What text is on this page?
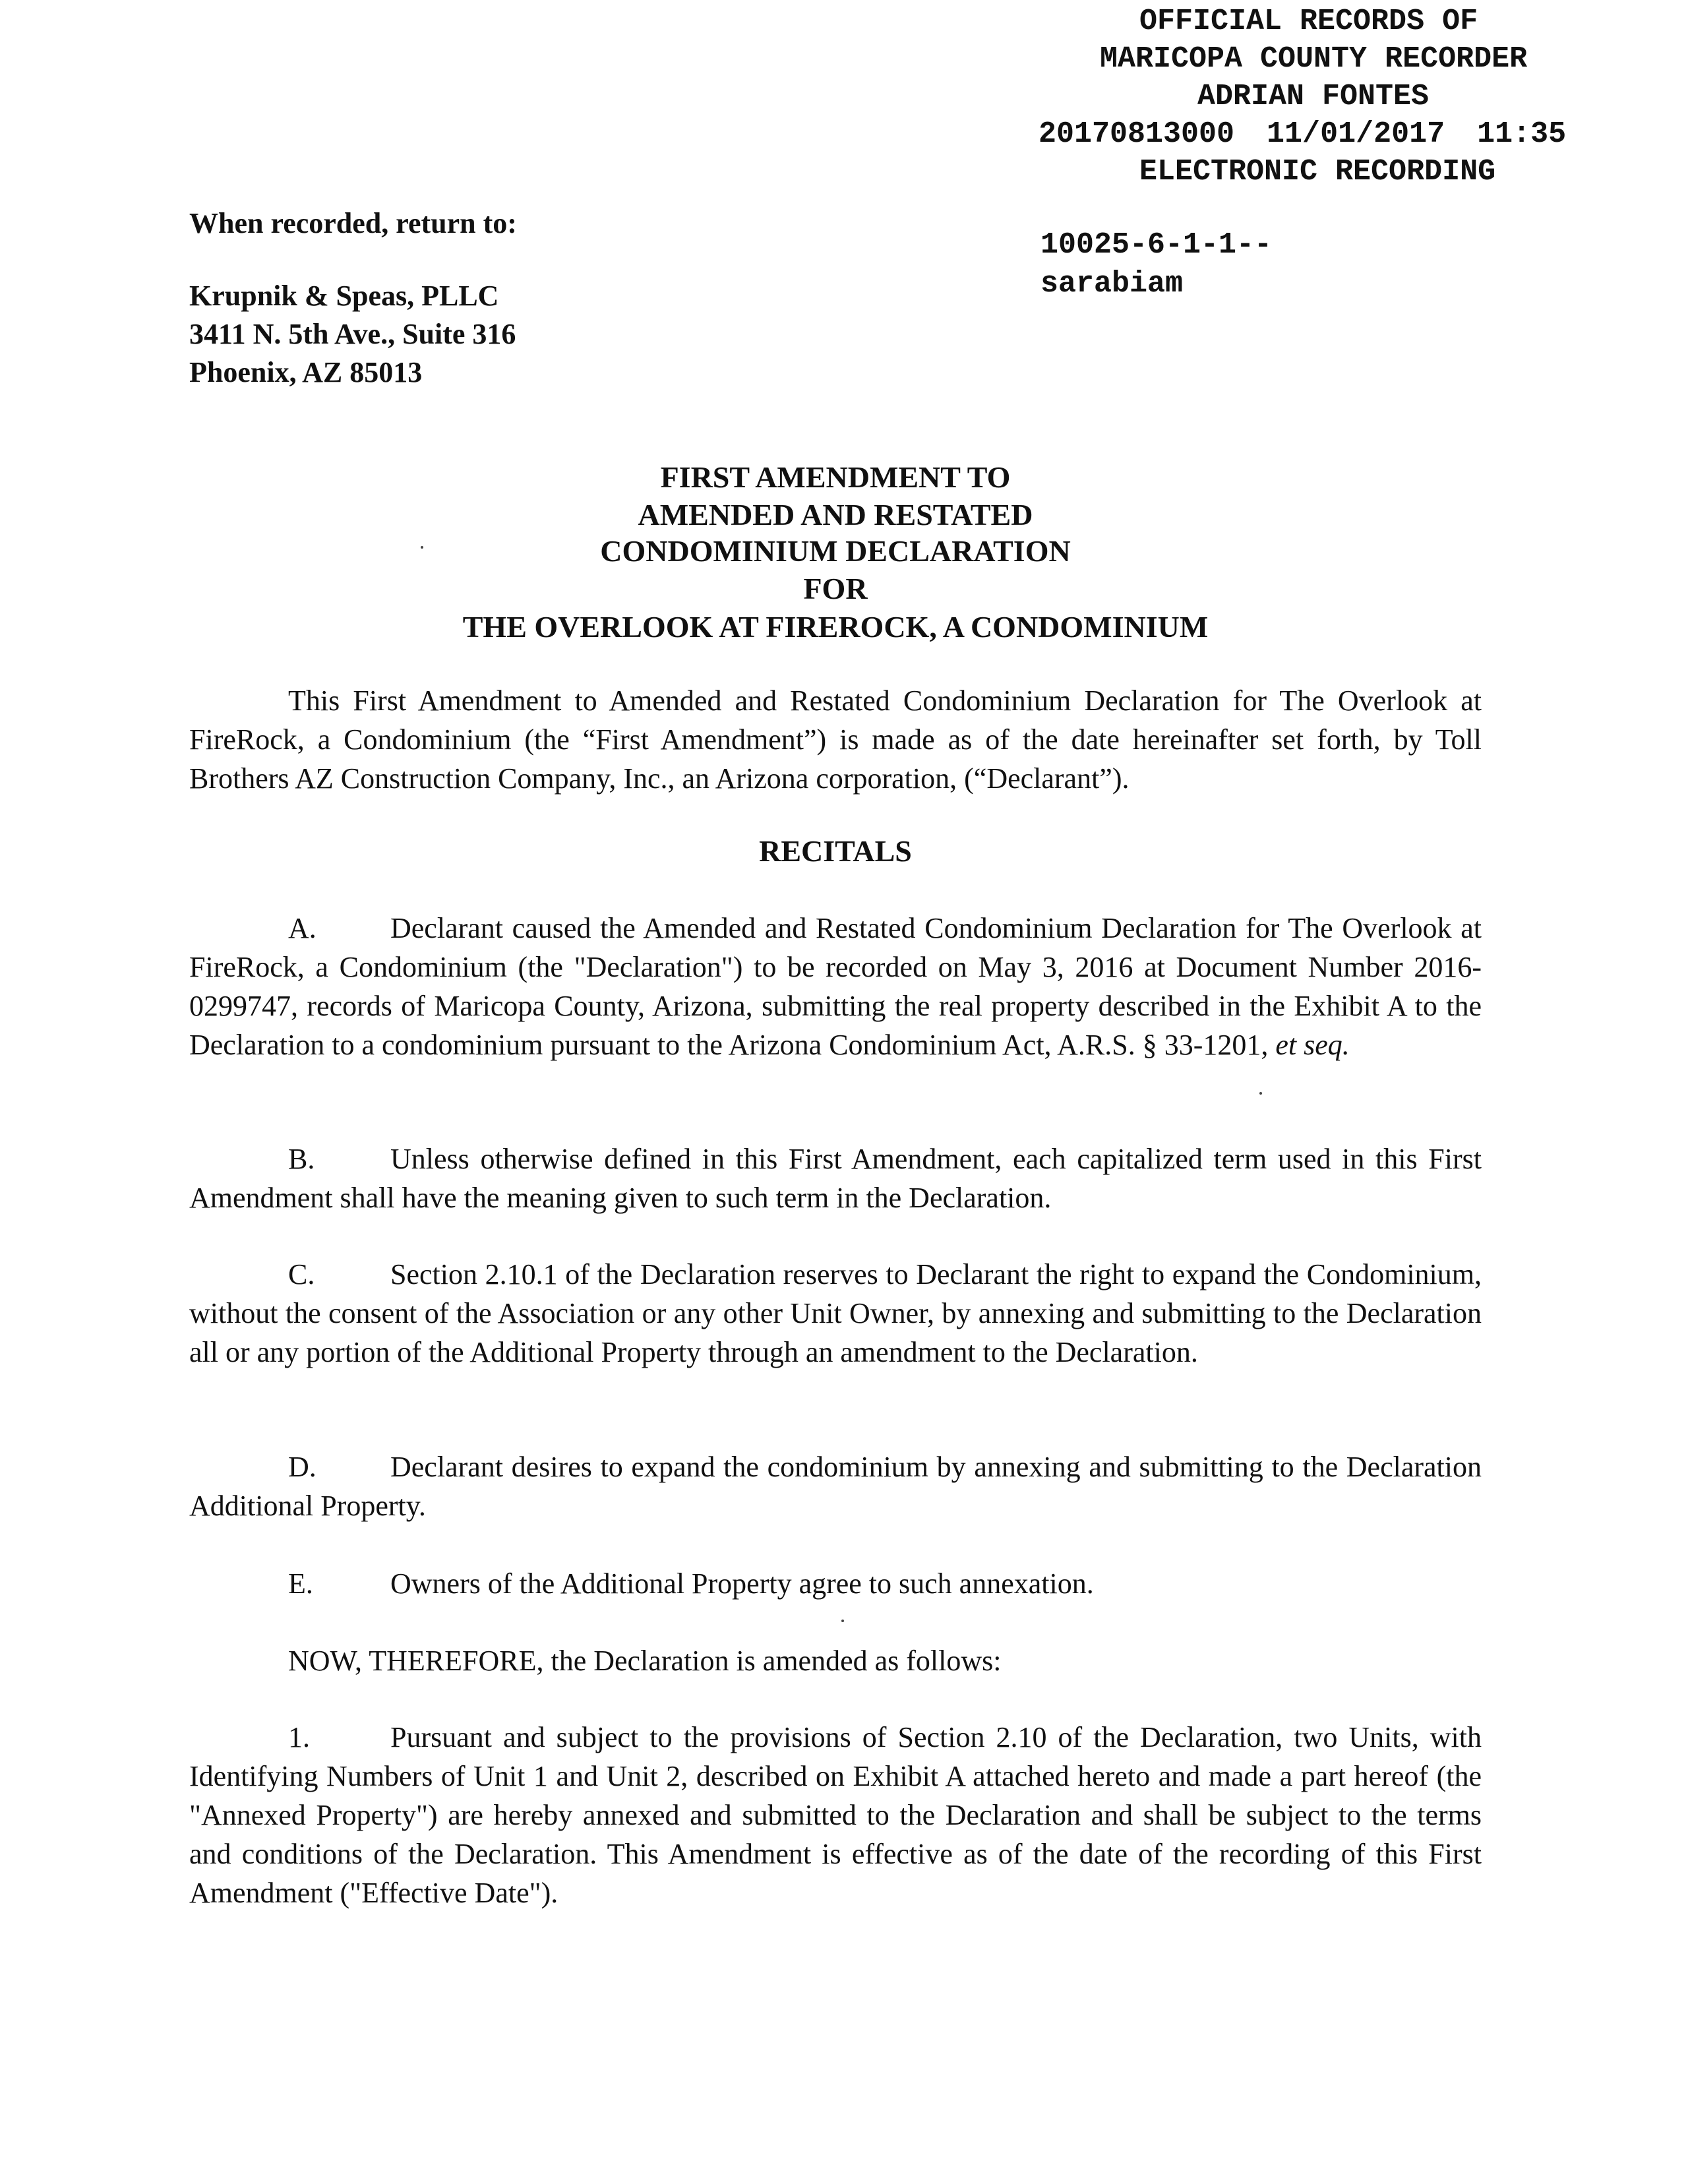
OFFICIAL RECORDS OF
MARICOPA COUNTY RECORDER
ADRIAN FONTES
20170813000 11/01/2017 11:35
ELECTRONIC RECORDING
10025-6-1-1--
sarabiam
When recorded, return to:
Krupnik & Speas, PLLC
3411 N. 5th Ave., Suite 316
Phoenix, AZ 85013
FIRST AMENDMENT TO
AMENDED AND RESTATED
CONDOMINIUM DECLARATION
FOR
THE OVERLOOK AT FIREROCK, A CONDOMINIUM

This First Amendment to Amended and Restated Condominium Declaration for The Overlook at FireRock, a Condominium (the “First Amendment”) is made as of the date hereinafter set forth, by Toll Brothers AZ Construction Company, Inc., an Arizona corporation, (“Declarant”).

RECITALS

A.	Declarant caused the Amended and Restated Condominium Declaration for The Overlook at FireRock, a Condominium (the "Declaration") to be recorded on May 3, 2016 at Document Number 2016-0299747, records of Maricopa County, Arizona, submitting the real property described in the Exhibit A to the Declaration to a condominium pursuant to the Arizona Condominium Act, A.R.S. § 33-1201, et seq.

B.	Unless otherwise defined in this First Amendment, each capitalized term used in this First Amendment shall have the meaning given to such term in the Declaration.

C.	Section 2.10.1 of the Declaration reserves to Declarant the right to expand the Condominium, without the consent of the Association or any other Unit Owner, by annexing and submitting to the Declaration all or any portion of the Additional Property through an amendment to the Declaration.

D.	Declarant desires to expand the condominium by annexing and submitting to the Declaration Additional Property.

E.	Owners of the Additional Property agree to such annexation.

NOW, THEREFORE, the Declaration is amended as follows:

1.	Pursuant and subject to the provisions of Section 2.10 of the Declaration, two Units, with Identifying Numbers of Unit 1 and Unit 2, described on Exhibit A attached hereto and made a part hereof (the "Annexed Property") are hereby annexed and submitted to the Declaration and shall be subject to the terms and conditions of the Declaration. This Amendment is effective as of the date of the recording of this First Amendment ("Effective Date").
